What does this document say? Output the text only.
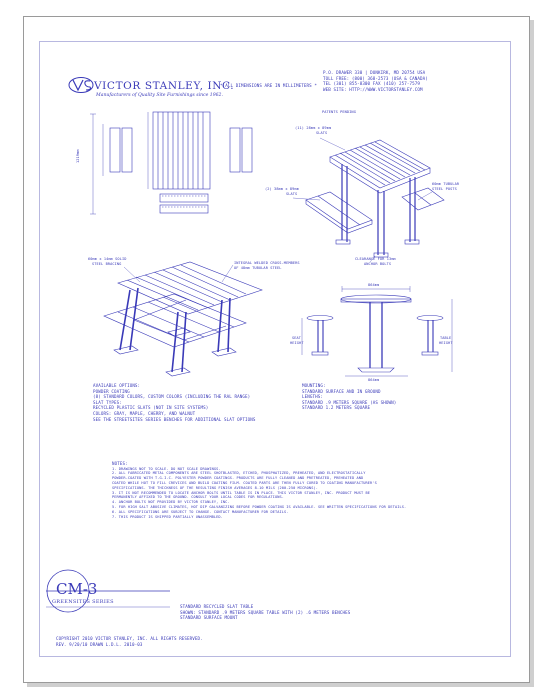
VICTOR STANLEY, INC.
Manufacturers of Quality Site Furnishings since 1962.
* ALL DIMENSIONS ARE IN MILLIMETERS *
P.O. DRAWER 330 | DUNKIRK, MD 20754 USA
TOLL FREE: (800) 368-2573 (USA & CANADA)
TEL (301) 855-8300 FAX (410) 257-7579
WEB SITE: HTTP://WWW.VICTORSTANLEY.COM
PATENTS PENDING
(11) 28mm x 89mm
SLATS
(2) 38mm x 89mm
SLATS
60mm TUBULAR
STEEL POSTS
CLEARANCE FOR 13mm
ANCHOR BOLTS
60mm x 14mm SOLID
STEEL BRACING	INTEGRAL WELDED CROSS-MEMBERS
OF 48mm TUBULAR STEEL
SEAT
HEIGHT
TABLE
HEIGHT
1219mm
864mm
864mm
AVAILABLE OPTIONS:
POWDER COATING
(8) STANDARD COLORS, CUSTOM COLORS (INCLUDING THE RAL RANGE)
SLAT TYPES:
RECYCLED PLASTIC SLATS (NOT IN SITE SYSTEMS)
COLORS: GRAY, MAPLE, CHERRY, AND WALNUT
SEE THE STREETSITES SERIES BENCHES FOR ADDITIONAL SLAT OPTIONS
MOUNTING:
STANDARD SURFACE AND IN GROUND
LENGTHS:
STANDARD .9 METERS SQUARE (AS SHOWN)
STANDARD 1.2 METERS SQUARE
NOTES:
1. DRAWINGS NOT TO SCALE. DO NOT SCALE DRAWINGS.
2. ALL FABRICATED METAL COMPONENTS ARE STEEL SHOTBLASTED, ETCHED, PHOSPHATIZED, PREHEATED, AND ELECTROSTATICALLY
POWDER-COATED WITH T.G.I.C. POLYESTER POWDER COATINGS. PRODUCTS ARE FULLY CLEANED AND PRETREATED, PREHEATED AND
COATED WHILE HOT TO FILL CREVICES AND BUILD COATING FILM. COATED PARTS ARE THEN FULLY CURED TO COATING MANUFACTURER'S
SPECIFICATIONS. THE THICKNESS OF THE RESULTING FINISH AVERAGES 8-10 MILS (200-250 MICRONS).
3. IT IS NOT RECOMMENDED TO LOCATE ANCHOR BOLTS UNTIL TABLE IS IN PLACE. THIS VICTOR STANLEY, INC. PRODUCT MUST BE
PERMANENTLY AFFIXED TO THE GROUND. CONSULT YOUR LOCAL CODES FOR REGULATIONS.
4. ANCHOR BOLTS NOT PROVIDED BY VICTOR STANLEY, INC.
5. FOR HIGH SALT ABUSIVE CLIMATES, HOT DIP GALVANIZING BEFORE POWDER COATING IS AVAILABLE. SEE WRITTEN SPECIFICATIONS FOR DETAILS.
6. ALL SPECIFICATIONS ARE SUBJECT TO CHANGE. CONTACT MANUFACTURER FOR DETAILS.
7. THIS PRODUCT IS SHIPPED PARTIALLY UNASSEMBLED.
CM-3
GREENSITES SERIES
STANDARD RECYCLED SLAT TABLE
SHOWN: STANDARD .9 METERS SQUARE TABLE WITH (2) .6 METERS BENCHES
STANDARD SURFACE MOUNT
COPYRIGHT 2010 VICTOR STANLEY, INC. ALL RIGHTS RESERVED.
REV. 9/20/10 DRAWN L.D.L. 2010-03
